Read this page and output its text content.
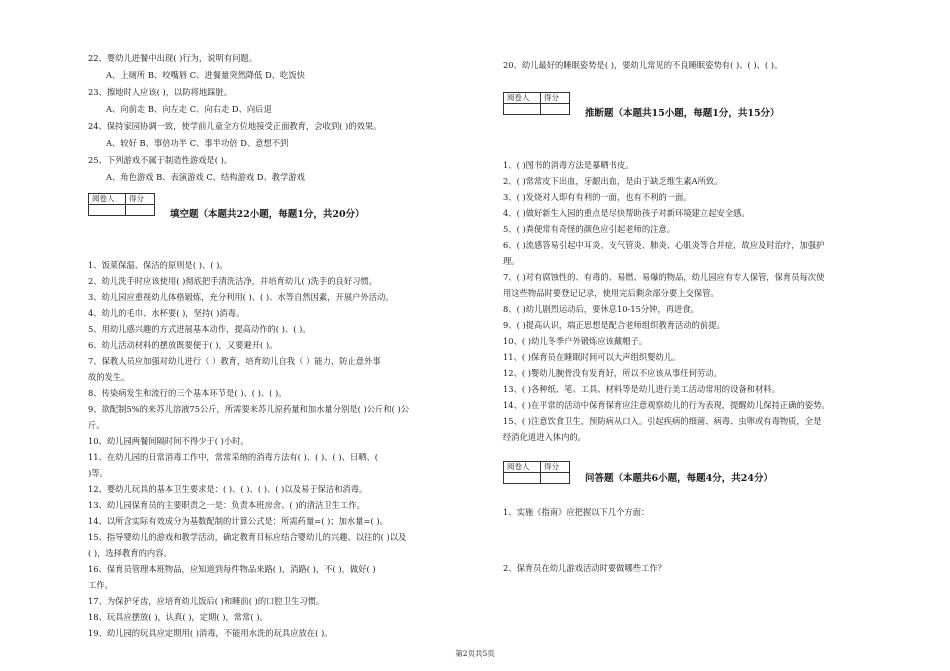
22、婴幼儿进餐中出现( )行为，说明有问题。
A、上厕所 B、咬嘴唇 C、进餐量突然降低 D、吃饭快
23、擦地时人应该( )，以防将地踩脏。
A、向前走 B、向左走 C、向右走 D、向后退
24、保持家园协调一致，使学前儿童全方位地接受正面教育，会收到( )的效果。
A、较好 B、事倍功半 C、事半功倍 D、意想不到
25、下列游戏不属于制造性游戏是( )。
A、角色游戏 B、表演游戏 C、结构游戏 D、教学游戏
阅卷人	得分

填空题（本题共22小题，每题1分，共20分）
1、饭菜保温、保洁的原则是( )、( )。
2、幼儿洗手时应该使用( )彻底把手清洗洁净，并培育幼儿( )洗手的良好习惯。
3、幼儿园应重视幼儿体格锻炼，充分利用( )、( )、水等自然因素，开展户外活动。
4、幼儿的毛巾、水杯要( )，坚持( )消毒。
5、用幼儿感兴趣的方式进展基本动作，提高动作的( )、( )。
6、幼儿活动材料的摆放既要便于( )，又要避开( )。
7、保教人员应加强对幼儿进行（ ）教育，培育幼儿自我（ ）能力，防止意外事
故的发生。
8、传染病发生和流行的三个基本环节是( )、( )、( )。
9、欲配制5%的来苏儿溶液75公斤，所需要来苏儿原药量和加水量分别是( )公斤和( )公
斤。
10、幼儿园两餐间隔时间不得少于( )小时。
11、在幼儿园的日常消毒工作中，常常采纳的消毒方法有( )、( )、( )、日晒、(
)等。
12、婴幼儿玩具的基本卫生要求是：( )、( )、( )、( )以及易于保洁和消毒。
13、幼儿园保育员的主要职责之一是：负责本班房舍、( )的清洁卫生工作。
14、以所含实际有效成分为基数配制的计算公式是：所需药量=( )；加水量=( )。
15、指导婴幼儿的游戏和教学活动，确定教育目标应结合婴幼儿的兴趣、以往的( )以及
( )，选择教育的内容。
16、保育员管理本班物品，应知道到每件物品来路( )，消路( )，不( )，做好( )
工作。
17、为保护牙齿，应培育幼儿饭后( )和睡前( )的口腔卫生习惯。
18、玩具应摆放( )，认真( )，定期( )，常常( )。
19、幼儿园的玩具应定期用( )消毒，不能用水洗的玩具应放在( )。
20、幼儿最好的睡眠姿势是( )，要幼儿常见的不良睡眠姿势有( )、( )、( )。
阅卷人	得分

推断题（本题共15小题，每题1分，共15分）
1、( )图书的消毒方法是暴晒书皮。
2、( )常常皮下出血，牙龈出血，是由于缺乏维生素A所致。
3、( )发烧对人即有有利的一面，也有不利的一面。
4、( )做好新生入园的重点是尽快帮助孩子对新环境建立起安全感。
5、( )粪便常有奇怪的颜色应引起老师的注意。
6、( )流感答易引起中耳炎、支气管炎、肺炎、心肌炎等合并症，故应及时治疗，加强护
理。
7、( )对有腐蚀性的、有毒的、易燃、易爆的物品，幼儿园应有专人保管，保育员每次使
用这些物品时要登记记录，使用完后剩余部分要上交保管。
8、( )幼儿剧烈运动后，要休息10-15分钟，再进食。
9、( )提高认识，端正思想是配合老师组织教育活动的前提。
10、( )幼儿冬季户外锻炼应该戴帽子。
11、( )保育员在睡眠时间可以大声组织婴幼儿。
12、( )婴幼儿腕骨没有发育好，所以不应该从事任何劳动。
13、( )各种纸、笔、工具、材料等是幼儿进行美工活动常用的设备和材料。
14、( )在平常的活动中保育保育应注意观察幼儿的行为表现，提醒幼儿保持正确的姿势。
15、( )注意饮食卫生，预防病从口入。引起疾病的细菌、病毒、虫卵或有毒物质，全是
经消化道进入体内的。
阅卷人	得分

问答题（本题共6小题，每题4分，共24分）
1、实施《指南》应把握以下几个方面：
2、保育员在幼儿游戏活动时要做哪些工作？
第2页共5页
